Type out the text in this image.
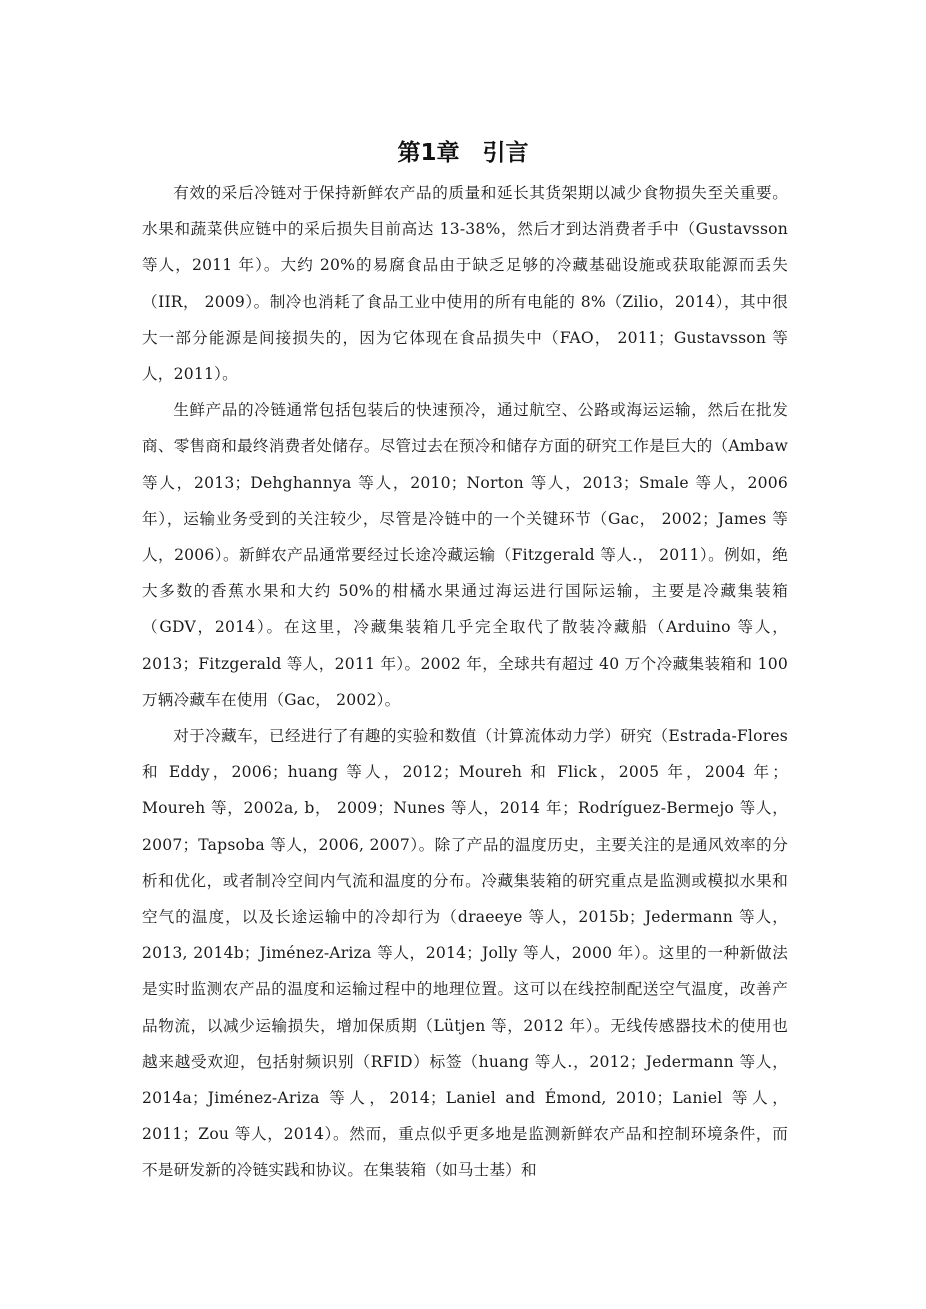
第1章　引言

有效的采后冷链对于保持新鲜农产品的质量和延长其货架期以减少食物损失至关重要。水果和蔬菜供应链中的采后损失目前高达 13-38%，然后才到达消费者手中（Gustavsson 等人，2011 年）。大约 20%的易腐食品由于缺乏足够的冷藏基础设施或获取能源而丢失（IIR， 2009）。制冷也消耗了食品工业中使用的所有电能的 8%（Zilio，2014），其中很大一部分能源是间接损失的，因为它体现在食品损失中（FAO， 2011；Gustavsson 等人，2011）。

生鲜产品的冷链通常包括包装后的快速预冷，通过航空、公路或海运运输，然后在批发商、零售商和最终消费者处储存。尽管过去在预冷和储存方面的研究工作是巨大的（Ambaw 等人，2013；Dehghannya 等人，2010；Norton 等人，2013；Smale 等人，2006 年），运输业务受到的关注较少，尽管是冷链中的一个关键环节（Gac， 2002；James 等人，2006）。新鲜农产品通常要经过长途冷藏运输（Fitzgerald 等人.， 2011）。例如，绝大多数的香蕉水果和大约 50%的柑橘水果通过海运进行国际运输，主要是冷藏集装箱（GDV，2014）。在这里，冷藏集装箱几乎完全取代了散装冷藏船（Arduino 等人，2013；Fitzgerald 等人，2011 年）。2002 年，全球共有超过 40 万个冷藏集装箱和 100 万辆冷藏车在使用（Gac， 2002）。

对于冷藏车，已经进行了有趣的实验和数值（计算流体动力学）研究（Estrada-Flores 和 Eddy，2006；huang 等人，2012；Moureh 和 Flick，2005 年，2004 年；Moureh 等，2002a, b， 2009；Nunes 等人，2014 年；Rodríguez-Bermejo 等人，2007；Tapsoba 等人，2006, 2007）。除了产品的温度历史，主要关注的是通风效率的分析和优化，或者制冷空间内气流和温度的分布。冷藏集装箱的研究重点是监测或模拟水果和空气的温度，以及长途运输中的冷却行为（draeeye 等人，2015b；Jedermann 等人，2013, 2014b；Jiménez-Ariza 等人，2014；Jolly 等人，2000 年）。这里的一种新做法是实时监测农产品的温度和运输过程中的地理位置。这可以在线控制配送空气温度，改善产品物流，以减少运输损失，增加保质期（Lütjen 等，2012 年）。无线传感器技术的使用也越来越受欢迎，包括射频识别（RFID）标签（huang 等人.，2012；Jedermann 等人，2014a；Jiménez-Ariza 等人，2014；Laniel and Émond, 2010；Laniel 等人，2011；Zou 等人，2014）。然而，重点似乎更多地是监测新鲜农产品和控制环境条件，而不是研发新的冷链实践和协议。在集装箱（如马士基）和
